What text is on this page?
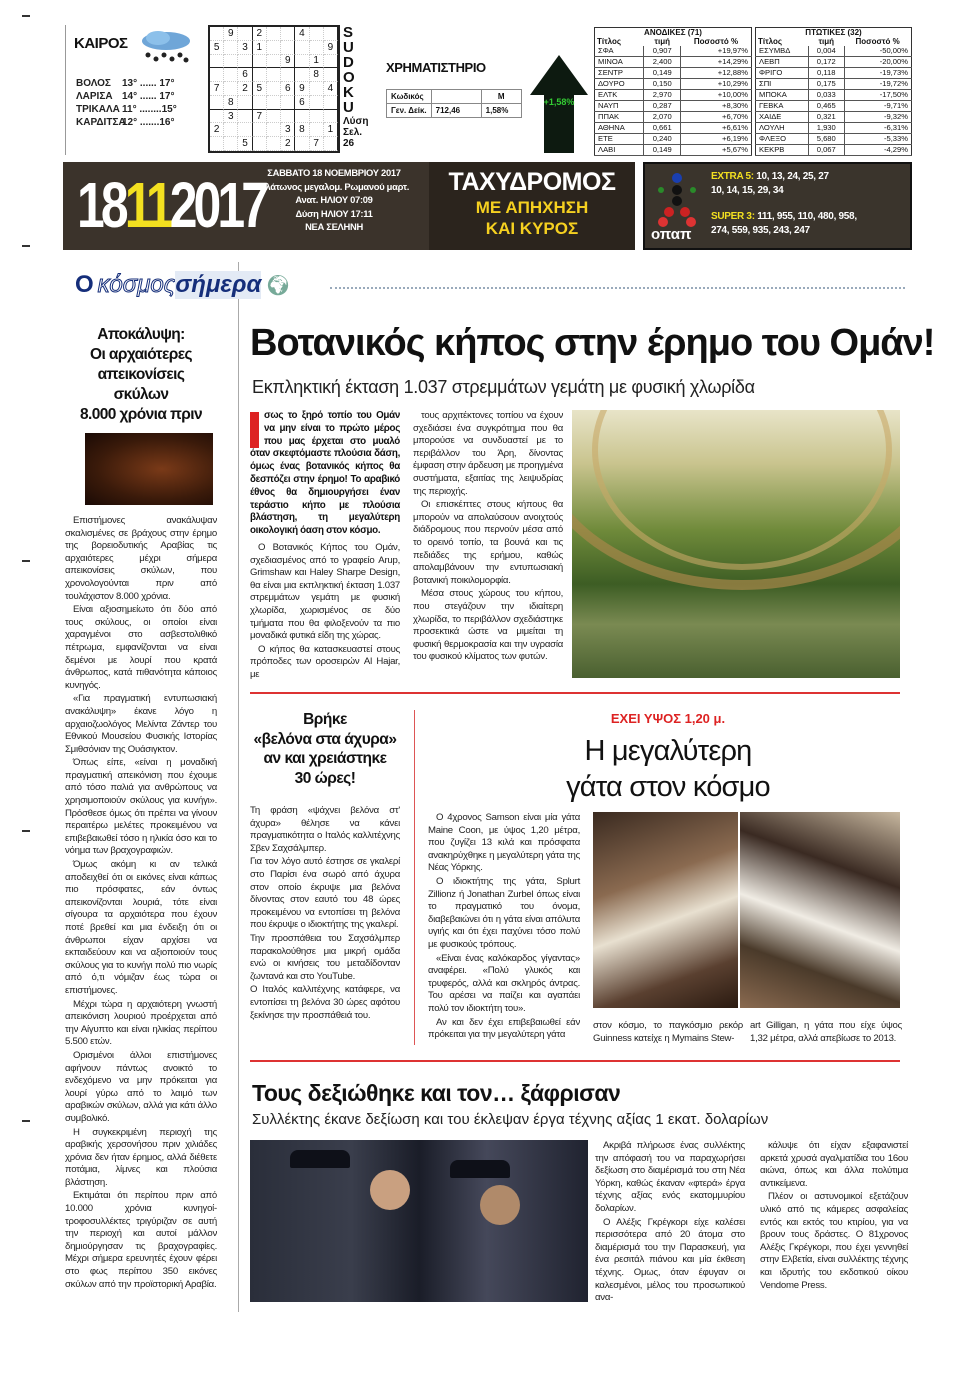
ΚΑΙΡΟΣ
ΒΟΛΟΣ 13° ...... 17°
ΛΑΡΙΣΑ 14° ...... 17°
ΤΡΙΚΑΛΑ 11° ........15°
ΚΑΡΔΙΤΣΑ12° .......16°
9	2	4
5	3 1	9
9	1
6	8
7	2 5	6 9	4
8	6
3	7
2	3 8	1
5	2	7
S
U
D
O
K
U
Λύση Σελ. 26
ΧΡΗΜΑΤΙΣΤΗΡΙΟ
Κωδικός		Μ
Γεν. Δείκ.	712,46	1,58%
+1,58%
ΑΝΟΔΙΚΕΣ (71)		
Τίτλος	τιμή	Ποσοστό %
ΣΦΑ	0,907	+19,97%
ΜΙΝΟΑ	2,400	+14,29%
ΣΕΝΤΡ	0,149	+12,88%
ΔΟΥΡΟ	0,150	+10,29%
ΕΛΤΚ	2,970	+10,00%
ΝΑΥΠ	0,287	+8,30%
ΠΠΑΚ	2,070	+6,70%
ΑΘΗΝΑ	0,661	+6,61%
ΕΤΕ	0,240	+6,19%
ΛΑΒΙ	0,149	+5,67%
ΠΤΩΤΙΚΕΣ (32)		
Τίτλος	τιμή	Ποσοστό %
ΕΣΥΜΒΔ	0,004	-50,00%
ΛΕΒΠ	0,172	-20,00%
ΦΡΙΓΟ	0,118	-19,73%
ΣΠΙ	0,175	-19,72%
ΜΠΟΚΑ	0,033	-17,50%
ΓΕΒΚΑ	0,465	-9,71%
ΧΑΙΔΕ	0,321	-9,32%
ΛΟΥΛΗ	1,930	-6,31%
ΦΛΕΞΟ	5,680	-5,33%
ΚΕΚΡΒ	0,067	-4,29%
18112017 ΣΑΒΒΑΤΟ 18 ΝΟΕΜΒΡΙΟΥ 2017
Πλάτωνος μεγαλομ. Ρωμανού μαρτ.
Ανατ. ΗΛΙΟΥ 07:09
Δύση ΗΛΙΟΥ 17:11
ΝΕΑ ΣΕΛΗΝΗ
ΤΑΧΥΔΡΟΜΟΣ
ΜΕ ΑΠΗΧΗΣΗ
ΚΑΙ ΚΥΡΟΣ	οπαπ
EXTRA 5: 10, 13, 24, 25, 27
10, 14, 15, 29, 34
SUPER 3: 111, 955, 110, 480, 958,
274, 559, 935, 243, 247
Ο κόσμος σήμερα 🌍︎
Αποκάλυψη:
Οι αρχαιότερες
απεικονίσεις
σκύλων
8.000 χρόνια πριν

Επιστήμονες ανακάλυψαν σκαλισμένες σε βράχους στην έρημο της βορειοδυτικής Αραβίας τις αρχαιότερες μέχρι σήμερα απεικονίσεις σκύλων, που χρονολογούνται πριν από τουλάχιστον 8.000 χρόνια.

Είναι αξιοσημείωτο ότι δύο από τους σκύλους, οι οποίοι είναι χαραγμένοι στο ασβεστολιθικό πέτρωμα, εμφανίζονται να είναι δεμένοι με λουρί που κρατά άνθρωπος, κατά πιθανότητα κάποιος κυνηγός.

«Για πραγματική εντυπωσιακή ανακάλυψη» έκανε λόγο η αρχαιοζωολόγος Μελίντα Ζάντερ του Εθνικού Μουσείου Φυσικής Ιστορίας Σμιθσόνιαν της Ουάσιγκτον.

Όπως είπε, «είναι η μοναδική πραγματική απεικόνιση που έχουμε από τόσο παλιά για ανθρώπους να χρησιμοποιούν σκύλους για κυνήγι». Πρόσθεσε όμως ότι πρέπει να γίνουν περαιτέρω μελέτες προκειμένου να επιβεβαιωθεί τόσο η ηλικία όσο και το νόημα των βραχογραφιών.

Όμως ακόμη κι αν τελικά αποδειχθεί ότι οι εικόνες είναι κάπως πιο πρόσφατες, εάν όντως απεικονίζονται λουριά, τότε είναι σίγουρα τα αρχαιότερα που έχουν ποτέ βρεθεί και μια ένδειξη ότι οι άνθρωποι είχαν αρχίσει να εκπαιδεύουν και να αξιοποιούν τους σκύλους για το κυνήγι πολύ πιο νωρίς από ό,τι νόμιζαν έως τώρα οι επιστήμονες.

Μέχρι τώρα η αρχαιότερη γνωστή απεικόνιση λουριού προέρχεται από την Αίγυπτο και είναι ηλικίας περίπου 5.500 ετών.

Ορισμένοι άλλοι επιστήμονες αφήνουν πάντως ανοικτό το ενδεχόμενο να μην πρόκειται για λουρί γύρω από το λαιμό των αραβικών σκύλων, αλλά για κάτι άλλο συμβολικό.

Η συγκεκριμένη περιοχή της αραβικής χερσονήσου πριν χιλιάδες χρόνια δεν ήταν έρημος, αλλά διέθετε ποτάμια, λίμνες και πλούσια βλάστηση.

Εκτιμάται ότι περίπου πριν από 10.000 χρόνια κυνηγοί-τροφοσυλλέκτες τριγύριζαν σε αυτή την περιοχή και αυτοί μάλλον δημιούργησαν τις βραχογραφίες. Μέχρι σήμερα ερευνητές έχουν φέρει στο φως περίπου 350 εικόνες σκύλων από την προϊστορική Αραβία.

Βοτανικός κήπος στην έρημο του Ομάν!
Εκπληκτική έκταση 1.037 στρεμμάτων γεμάτη με φυσική χλωρίδα
σως το ξηρό τοπίο του Ομάν να μην είναι το πρώτο μέρος που μας έρχεται στο μυαλό όταν σκεφτόμαστε πλούσια δάση, όμως ένας βοτανικός κήπος θα δεσπόζει στην έρημο! Το αραβικό έθνος θα δημιουργήσει έναν τεράστιο κήπο με πλούσια βλάστηση, τη μεγαλύτερη οικολογική όαση στον κόσμο.

Ο Βοτανικός Κήπος του Ομάν, σχεδιασμένος από το γραφείο Arup, Grimshaw και Haley Sharpe Design, θα είναι μια εκπληκτική έκταση 1.037 στρεμμάτων γεμάτη με φυσική χλωρίδα, χωρισμένος σε δύο τμήματα που θα φιλοξενούν τα πιο μοναδικά φυτικά είδη της χώρας.

Ο κήπος θα κατασκευαστεί στους πρόποδες των οροσειρών Al Hajar, με

τους αρχιτέκτονες τοπίου να έχουν σχεδιάσει ένα συγκρότημα που θα μπορούσε να συνδυαστεί με το περιβάλλον του Άρη, δίνοντας έμφαση στην άρδευση με προηγμένα συστήματα, εξαιτίας της λειψυδρίας της περιοχής.

Οι επισκέπτες στους κήπους θα μπορούν να απολαύσουν ανοιχτούς διάδρομους που περνούν μέσα από το ορεινό τοπίο, τα βουνά και τις πεδιάδες της ερήμου, καθώς απολαμβάνουν την εντυπωσιακή βοτανική ποικιλομορφία.

Μέσα στους χώρους του κήπου, που στεγάζουν την ιδιαίτερη χλωρίδα, το περιβάλλον σχεδιάστηκε προσεκτικά ώστε να μιμείται τη φυσική θερμοκρασία και την υγρασία του φυσικού κλίματος των φυτών.

Βρήκε
«βελόνα στα άχυρα»
αν και χρειάστηκε
30 ώρες!

Τη φράση «ψάχνει βελόνα στ' άχυρα» θέλησε να κάνει πραγματικότητα ο Ιταλός καλλιτέχνης Σβεν Σαχσάλμπερ.

Για τον λόγο αυτό έστησε σε γκαλερί στο Παρίσι ένα σωρό από άχυρα στον οποίο έκρυψε μια βελόνα δίνοντας στον εαυτό του 48 ώρες προκειμένου να εντοπίσει τη βελόνα που έκρυψε ο ιδιοκτήτης της γκαλερί.

Την προσπάθεια του Σαχσάλμπερ παρακολούθησε μια μικρή ομάδα ενώ οι κινήσεις του μεταδίδονταν ζωντανά και στο YouTube.

Ο Ιταλός καλλιτέχνης κατάφερε, να εντοπίσει τη βελόνα 30 ώρες αφότου ξεκίνησε την προσπάθειά του.

ΕΧΕΙ ΥΨΟΣ 1,20 μ.
Η μεγαλύτερη
γάτα στον κόσμο

Ο 4χρονος Samson είναι μία γάτα Maine Coon, με ύψος 1,20 μέτρα, που ζυγίζει 13 κιλά και πρόσφατα ανακηρύχθηκε η μεγαλύτερη γάτα της Νέας Υόρκης.

Ο ιδιοκτήτης της γάτα, Splurt Zillionz ή Jonathan Zurbel όπως είναι το πραγματικό του όνομα, διαβεβαιώνει ότι η γάτα είναι απόλυτα υγιής και ότι έχει παχύνει τόσο πολύ με φυσικούς τρόπους.

«Είναι ένας καλόκαρδος γίγαντας» αναφέρει. «Πολύ γλυκός και τρυφερός, αλλά και σκληρός άντρας. Του αρέσει να παίζει και αγαπάει πολύ τον ιδιοκτήτη του».

Αν και δεν έχει επιβεβαιωθεί εάν πρόκειται για την μεγαλύτερη γάτα

στον κόσμο, το παγκόσμιο ρεκόρ Guinness κατείχε η Mymains Stew-
art Gilligan, η γάτα που είχε ύψος 1,32 μέτρα, αλλά απεβίωσε το 2013.
Τους δεξιώθηκε και τον… ξάφρισαν
Συλλέκτης έκανε δεξίωση και του έκλεψαν έργα τέχνης αξίας 1 εκατ. δολαρίων

Ακριβά πλήρωσε ένας συλλέκτης την απόφασή του να παραχωρήσει δεξίωση στο διαμέρισμά του στη Νέα Υόρκη, καθώς έκαναν «φτερά» έργα τέχνης αξίας ενός εκατομμυρίου δολαρίων.

Ο Αλέξις Γκρέγκορι είχε καλέσει περισσότερα από 20 άτομα στο διαμέρισμά του την Παρασκευή, για ένα ρεσιτάλ πιάνου και μία έκθεση τέχνης. Ομως, όταν έφυγαν οι καλεσμένοι, μέλος του προσωπικού ανα-

κάλυψε ότι είχαν εξαφανιστεί αρκετά χρυσά αγαλματίδια του 16ου αιώνα, όπως και άλλα πολύτιμα αντικείμενα.

Πλέον οι αστυνομικοί εξετάζουν υλικό από τις κάμερες ασφαλείας εντός και εκτός του κτιρίου, για να βρουν τους δράστες. Ο 81χρονος Αλέξις Γκρέγκορι, που έχει γεννηθεί στην Ελβετία, είναι συλλέκτης τέχνης και ιδρυτής του εκδοτικού οίκου Vendome Press.
